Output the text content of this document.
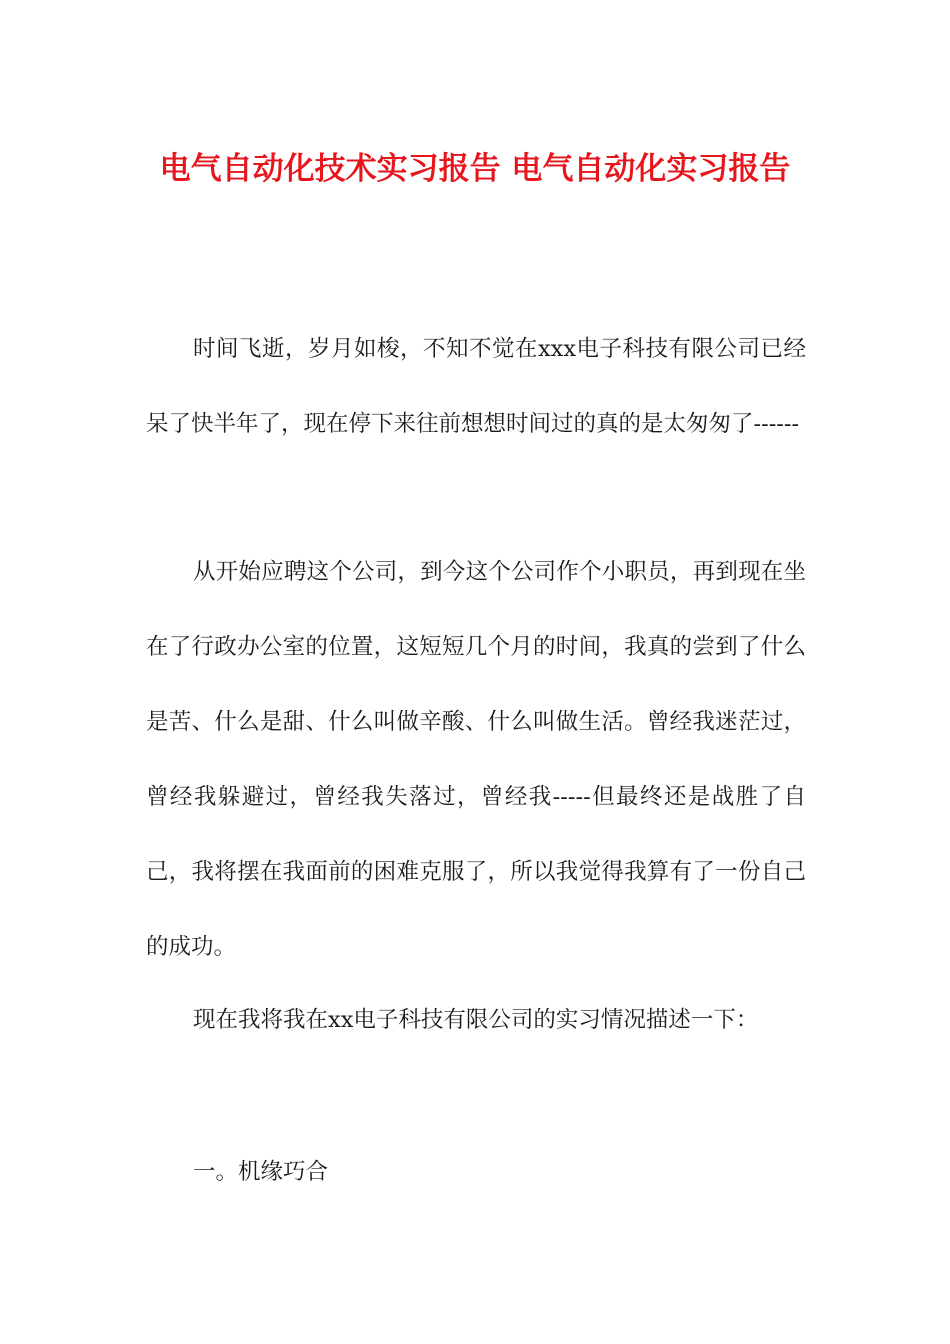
电气自动化技术实习报告 电气自动化实习报告

时间飞逝，岁月如梭，不知不觉在xxx电子科技有限公司已经呆了快半年了，现在停下来往前想想时间过的真的是太匆匆了------

从开始应聘这个公司，到今这个公司作个小职员，再到现在坐在了行政办公室的位置，这短短几个月的时间，我真的尝到了什么是苦、什么是甜、什么叫做辛酸、什么叫做生活。曾经我迷茫过，曾经我躲避过，曾经我失落过，曾经我-----但最终还是战胜了自己，我将摆在我面前的困难克服了，所以我觉得我算有了一份自己的成功。

现在我将我在xx电子科技有限公司的实习情况描述一下：

一。机缘巧合
